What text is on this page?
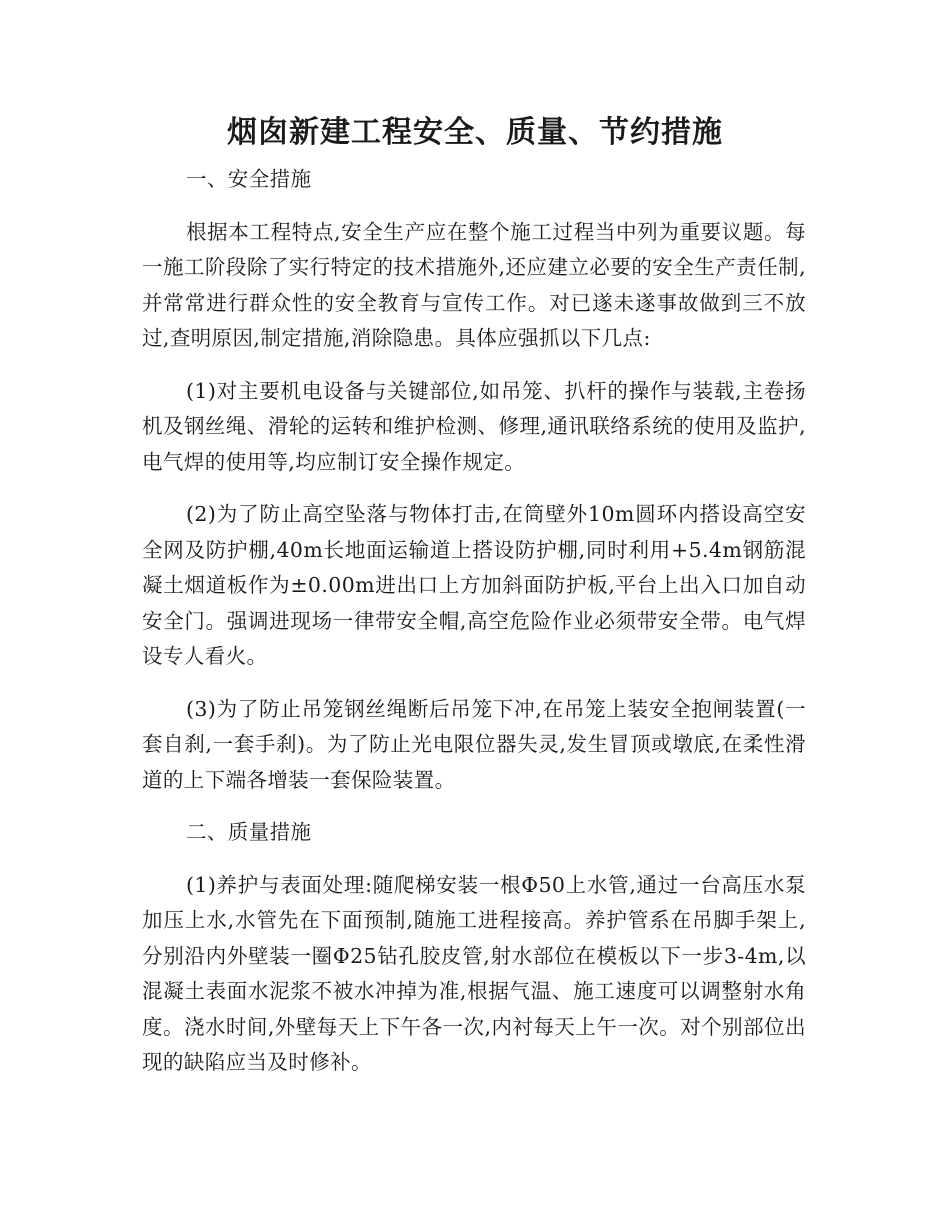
烟囱新建工程安全、质量、节约措施

一、安全措施

根据本工程特点,安全生产应在整个施工过程当中列为重要议题。每一施工阶段除了实行特定的技术措施外,还应建立必要的安全生产责任制,并常常进行群众性的安全教育与宣传工作。对已遂未遂事故做到三不放过,查明原因,制定措施,消除隐患。具体应强抓以下几点:

(1)对主要机电设备与关键部位,如吊笼、扒杆的操作与装载,主卷扬机及钢丝绳、滑轮的运转和维护检测、修理,通讯联络系统的使用及监护,电气焊的使用等,均应制订安全操作规定。

(2)为了防止高空坠落与物体打击,在筒壁外10m圆环内搭设高空安全网及防护棚,40m长地面运输道上搭设防护棚,同时利用+5.4m钢筋混凝土烟道板作为±0.00m进出口上方加斜面防护板,平台上出入口加自动安全门。强调进现场一律带安全帽,高空危险作业必须带安全带。电气焊设专人看火。

(3)为了防止吊笼钢丝绳断后吊笼下冲,在吊笼上装安全抱闸装置(一套自刹,一套手刹)。为了防止光电限位器失灵,发生冒顶或墩底,在柔性滑道的上下端各增装一套保险装置。

二、质量措施

(1)养护与表面处理:随爬梯安装一根Φ50上水管,通过一台高压水泵加压上水,水管先在下面预制,随施工进程接高。养护管系在吊脚手架上,分别沿内外壁装一圈Φ25钻孔胶皮管,射水部位在模板以下一步3-4m,以混凝土表面水泥浆不被水冲掉为准,根据气温、施工速度可以调整射水角度。浇水时间,外壁每天上下午各一次,内衬每天上午一次。对个别部位出现的缺陷应当及时修补。
